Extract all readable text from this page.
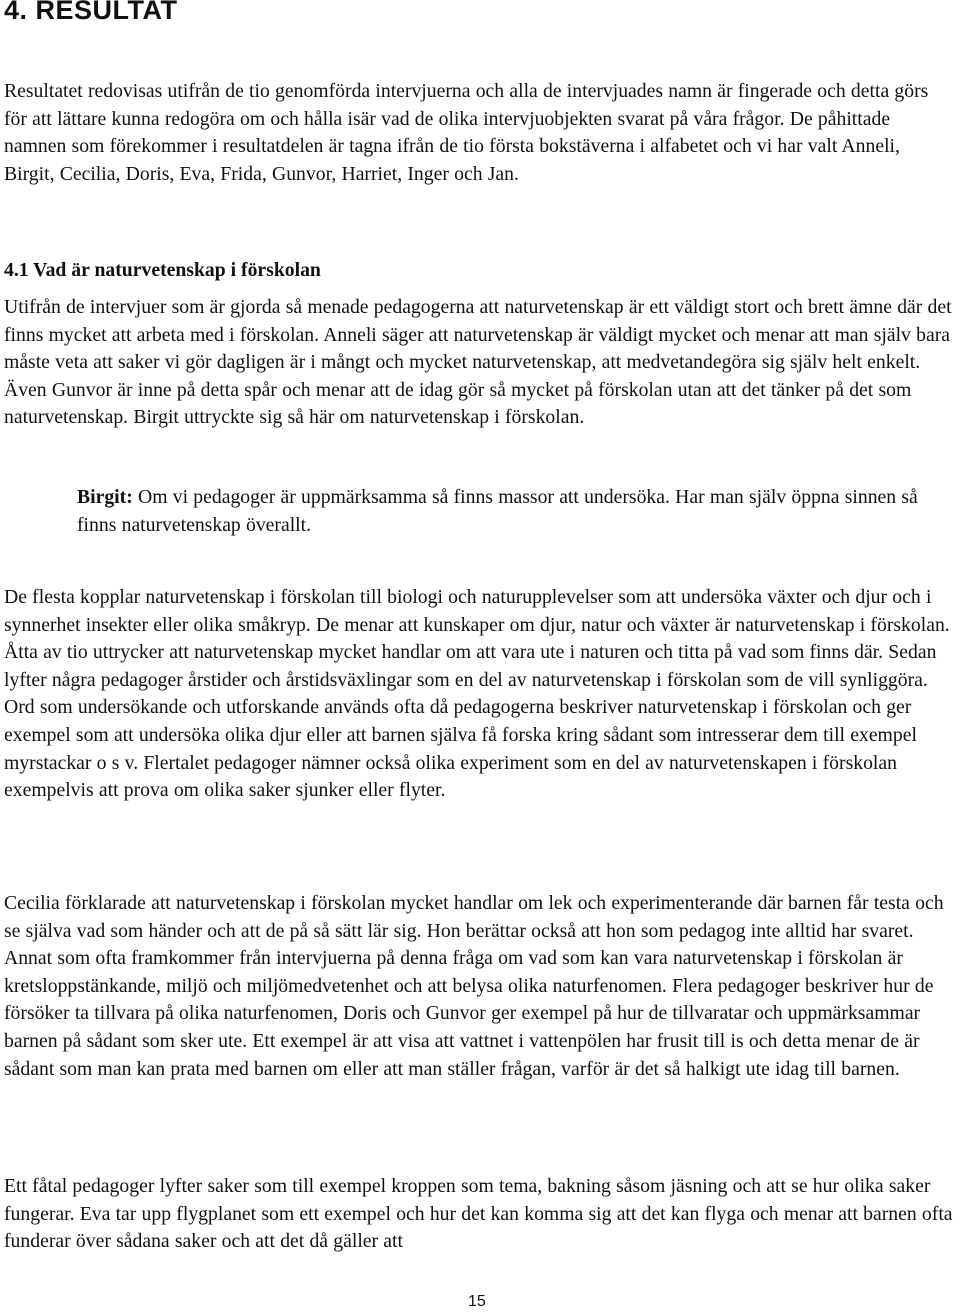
4. RESULTAT

Resultatet redovisas utifrån de tio genomförda intervjuerna och alla de intervjuades namn är fingerade och detta görs för att lättare kunna redogöra om och hålla isär vad de olika intervjuobjekten svarat på våra frågor. De påhittade namnen som förekommer i resultatdelen är tagna ifrån de tio första bokstäverna i alfabetet och vi har valt Anneli, Birgit, Cecilia, Doris, Eva, Frida, Gunvor, Harriet, Inger och Jan.

4.1 Vad är naturvetenskap i förskolan

Utifrån de intervjuer som är gjorda så menade pedagogerna att naturvetenskap är ett väldigt stort och brett ämne där det finns mycket att arbeta med i förskolan. Anneli säger att naturvetenskap är väldigt mycket och menar att man själv bara måste veta att saker vi gör dagligen är i mångt och mycket naturvetenskap, att medvetandegöra sig själv helt enkelt. Även Gunvor är inne på detta spår och menar att de idag gör så mycket på förskolan utan att det tänker på det som naturvetenskap. Birgit uttryckte sig så här om naturvetenskap i förskolan.

Birgit: Om vi pedagoger är uppmärksamma så finns massor att undersöka. Har man själv öppna sinnen så finns naturvetenskap överallt.

De flesta kopplar naturvetenskap i förskolan till biologi och naturupplevelser som att undersöka växter och djur och i synnerhet insekter eller olika småkryp. De menar att kunskaper om djur, natur och växter är naturvetenskap i förskolan. Åtta av tio uttrycker att naturvetenskap mycket handlar om att vara ute i naturen och titta på vad som finns där. Sedan lyfter några pedagoger årstider och årstidsväxlingar som en del av naturvetenskap i förskolan som de vill synliggöra. Ord som undersökande och utforskande används ofta då pedagogerna beskriver naturvetenskap i förskolan och ger exempel som att undersöka olika djur eller att barnen själva få forska kring sådant som intresserar dem till exempel myrstackar o s v. Flertalet pedagoger nämner också olika experiment som en del av naturvetenskapen i förskolan exempelvis att prova om olika saker sjunker eller flyter.

Cecilia förklarade att naturvetenskap i förskolan mycket handlar om lek och experimenterande där barnen får testa och se själva vad som händer och att de på så sätt lär sig. Hon berättar också att hon som pedagog inte alltid har svaret. Annat som ofta framkommer från intervjuerna på denna fråga om vad som kan vara naturvetenskap i förskolan är kretsloppstänkande, miljö och miljömedvetenhet och att belysa olika naturfenomen. Flera pedagoger beskriver hur de försöker ta tillvara på olika naturfenomen, Doris och Gunvor ger exempel på hur de tillvaratar och uppmärksammar barnen på sådant som sker ute. Ett exempel är att visa att vattnet i vattenpölen har frusit till is och detta menar de är sådant som man kan prata med barnen om eller att man ställer frågan, varför är det så halkigt ute idag till barnen.

Ett fåtal pedagoger lyfter saker som till exempel kroppen som tema, bakning såsom jäsning och att se hur olika saker fungerar. Eva tar upp flygplanet som ett exempel och hur det kan komma sig att det kan flyga och menar att barnen ofta funderar över sådana saker och att det då gäller att

15
